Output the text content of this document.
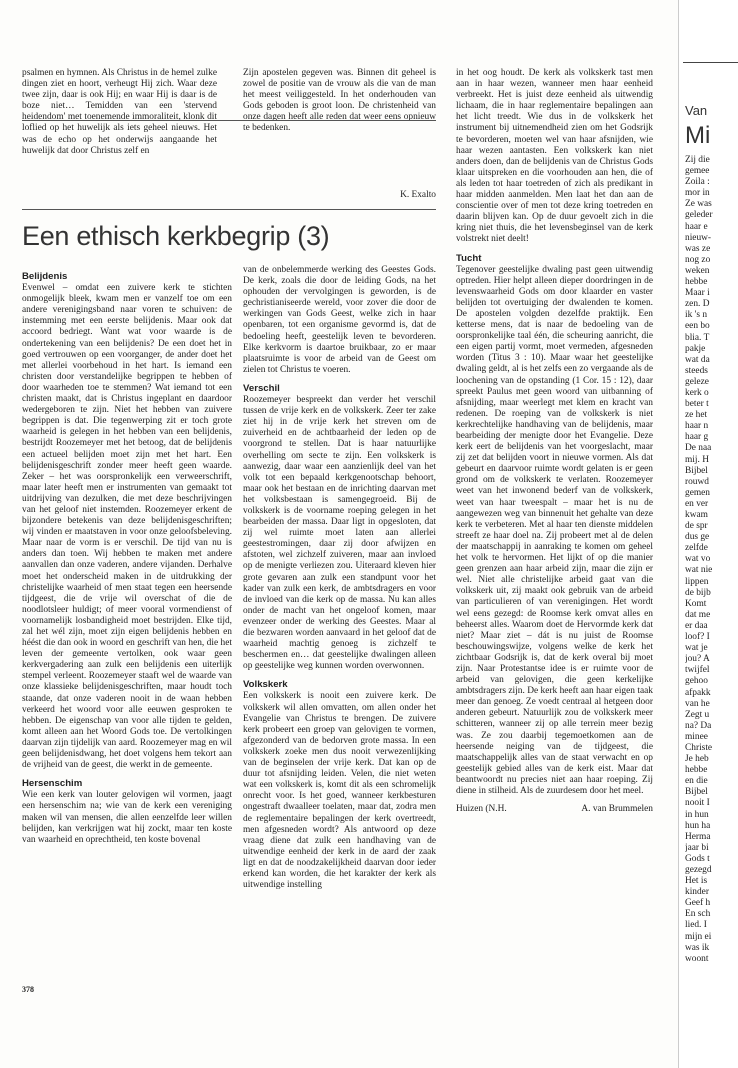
psalmen en hymnen. Als Christus in de hemel zulke dingen ziet en hoort, verheugt Hij zich. Waar deze twee zijn, daar is ook Hij; en waar Hij is daar is de boze niet… Temidden van een 'stervend heidendom' met toenemende immoraliteit, klonk dit loflied op het huwelijk als iets geheel nieuws. Het was de echo op het onderwijs aangaande het huwelijk dat door Christus zelf en

Zijn apostelen gegeven was. Binnen dit geheel is zowel de positie van de vrouw als die van de man het meest veiliggesteld. In het onderhouden van Gods geboden is groot loon. De christenheid van onze dagen heeft alle reden dat weer eens opnieuw te bedenken.

K. Exalto
Een ethisch kerkbegrip (3)
Belijdenis

Evenwel – omdat een zuivere kerk te stichten onmogelijk bleek, kwam men er vanzelf toe om een andere verenigingsband naar voren te schuiven: de instemming met een eerste belijdenis. Maar ook dat accoord bedriegt. Want wat voor waarde is de ondertekening van een belijdenis? De een doet het in goed vertrouwen op een voorganger, de ander doet het met allerlei voorbehoud in het hart. Is iemand een christen door verstandelijke begrippen te hebben of door waarheden toe te stemmen? Wat iemand tot een christen maakt, dat is Christus ingeplant en daardoor wedergeboren te zijn. Niet het hebben van zuivere begrippen is dat. Die tegenwerping zit er toch grote waarheid is gelegen in het hebben van een belijdenis, bestrijdt Roozemeyer met het betoog, dat de belijdenis een actueel belijden moet zijn met het hart. Een belijdenisgeschrift zonder meer heeft geen waarde. Zeker – het was oorspronkelijk een verweerschrift, maar later heeft men er instrumenten van gemaakt tot uitdrijving van dezulken, die met deze beschrijvingen van het geloof niet instemden. Roozemeyer erkent de bijzondere betekenis van deze belijdenisgeschriften; wij vinden er maatstaven in voor onze geloofsbeleving. Maar naar de vorm is er verschil. De tijd van nu is anders dan toen. Wij hebben te maken met andere aanvallen dan onze vaderen, andere vijanden. Derhalve moet het onderscheid maken in de uitdrukking der christelijke waarheid of men staat tegen een heersende tijdgeest, die de vrije wil overschat of die de noodlotsleer huldigt; of meer vooral vormendienst of voornamelijk losbandigheid moet bestrijden. Elke tijd, zal het wél zijn, moet zijn eigen belijdenis hebben en héést die dan ook in woord en geschrift van hen, die het leven der gemeente vertolken, ook waar geen kerkvergadering aan zulk een belijdenis een uiterlijk stempel verleent. Roozemeyer staaft wel de waarde van onze klassieke belijdenisgeschriften, maar houdt toch staande, dat onze vaderen nooit in de waan hebben verkeerd het woord voor alle eeuwen gesproken te hebben. De eigenschap van voor alle tijden te gelden, komt alleen aan het Woord Gods toe. De vertolkingen daarvan zijn tijdelijk van aard. Roozemeyer mag en wil geen belijdenisdwang, het doet volgens hem tekort aan de vrijheid van de geest, die werkt in de gemeente.

Hersenschim

Wie een kerk van louter gelovigen wil vormen, jaagt een hersenschim na; wie van de kerk een vereniging maken wil van mensen, die allen eenzelfde leer willen belijden, kan verkrijgen wat hij zockt, maar ten koste van waarheid en oprechtheid, ten koste bovenal

van de onbelemmerde werking des Geestes Gods. De kerk, zoals die door de leiding Gods, na het ophouden der vervolgingen is geworden, is de gechristianiseerde wereld, voor zover die door de werkingen van Gods Geest, welke zich in haar openbaren, tot een organisme gevormd is, dat de bedoeling heeft, geestelijk leven te bevorderen. Elke kerkvorm is daartoe bruikbaar, zo er maar plaatsruimte is voor de arbeid van de Geest om zielen tot Christus te voeren.

Verschil

Roozemeyer bespreekt dan verder het verschil tussen de vrije kerk en de volkskerk. Zeer ter zake ziet hij in de vrije kerk het streven om de zuiverheid en de achtbaarheid der leden op de voorgrond te stellen. Dat is haar natuurlijke overhelling om secte te zijn. Een volkskerk is aanwezig, daar waar een aanzienlijk deel van het volk tot een bepaald kerkgenootschap behoort, maar ook het bestaan en de inrichting daarvan met het volksbestaan is samengegroeid. Bij de volkskerk is de voorname roeping gelegen in het bearbeiden der massa. Daar ligt in opgesloten, dat zij wel ruimte moet laten aan allerlei geestestromingen, daar zij door afwijzen en afstoten, wel zichzelf zuiveren, maar aan invloed op de menigte verliezen zou. Uiteraard kleven hier grote gevaren aan zulk een standpunt voor het kader van zulk een kerk, de ambtsdragers en voor de invloed van die kerk op de massa. Nu kan alles onder de macht van het ongeloof komen, maar evenzeer onder de werking des Geestes. Maar al die bezwaren worden aanvaard in het geloof dat de waarheid machtig genoeg is zichzelf te beschermen en… dat geestelijke dwalingen alleen op geestelijke weg kunnen worden overwonnen.

Volkskerk

Een volkskerk is nooit een zuivere kerk. De volkskerk wil allen omvatten, om allen onder het Evangelie van Christus te brengen. De zuivere kerk probeert een groep van gelovigen te vormen, afgezonderd van de bedorven grote massa. In een volkskerk zoeke men dus nooit verwezenlijking van de beginselen der vrije kerk. Dat kan op de duur tot afsnijding leiden. Velen, die niet weten wat een volkskerk is, komt dit als een schromelijk onrecht voor. Is het goed, wanneer kerkbesturen ongestraft dwaalleer toelaten, maar dat, zodra men de reglementaire bepalingen der kerk overtreedt, men afgesneden wordt? Als antwoord op deze vraag diene dat zulk een handhaving van de uitwendige eenheid der kerk in de aard der zaak ligt en dat de noodzakelijkheid daarvan door ieder erkend kan worden, die het karakter der kerk als uitwendige instelling

in het oog houdt. De kerk als volkskerk tast men aan in haar wezen, wanneer men haar eenheid verbreekt. Het is juist deze eenheid als uitwendig lichaam, die in haar reglementaire bepalingen aan het licht treedt. Wie dus in de volkskerk het instrument bij uitnemendheid zien om het Godsrijk te bevorderen, moeten wel van haar afsnijden, wie haar wezen aantasten. Een volkskerk kan niet anders doen, dan de belijdenis van de Christus Gods klaar uitspreken en die voorhouden aan hen, die of als leden tot haar toetreden of zich als predikant in haar midden aanmelden. Men laat het dan aan de conscientie over of men tot deze kring toetreden en daarin blijven kan. Op de duur gevoelt zich in die kring niet thuis, die het levensbeginsel van de kerk volstrekt niet deelt!

Tucht

Tegenover geestelijke dwaling past geen uitwendig optreden. Hier helpt alleen dieper doordringen in de levenswaarheid Gods om door klaarder en vaster belijden tot overtuiging der dwalenden te komen. De apostelen volgden dezelfde praktijk. Een ketterse mens, dat is naar de bedoeling van de oorspronkelijke taal één, die scheuring aanricht, die een eigen partij vormt, moet vermeden, afgesneden worden (Titus 3 : 10). Maar waar het geestelijke dwaling geldt, al is het zelfs een zo vergaande als de loochening van de opstanding (1 Cor. 15 : 12), daar spreekt Paulus met geen woord van uitbanning of afsnijding, maar weerlegt met klem en kracht van redenen. De roeping van de volkskerk is niet kerkrechtelijke handhaving van de belijdenis, maar bearbeiding der menigte door het Evangelie. Deze kerk eert de belijdenis van het voorgeslacht, maar zij zet dat belijden voort in nieuwe vormen. Als dat gebeurt en daarvoor ruimte wordt gelaten is er geen grond om de volkskerk te verlaten. Roozemeyer weet van het inwonend bederf van de volkskerk, weet van haar tweespalt – maar het is nu de aangewezen weg van binnenuit het gehalte van deze kerk te verbeteren. Met al haar ten dienste middelen streeft ze haar doel na. Zij probeert met al de delen der maatschappij in aanraking te komen om geheel het volk te hervormen. Het lijkt of op die manier geen grenzen aan haar arbeid zijn, maar die zijn er wel. Niet alle christelijke arbeid gaat van die volkskerk uit, zij maakt ook gebruik van de arbeid van particulieren of van verenigingen. Het wordt wel eens gezegd: de Roomse kerk omvat alles en beheerst alles. Waarom doet de Hervormde kerk dat niet? Maar ziet – dát is nu juist de Roomse beschouwingswijze, volgens welke de kerk het zichtbaar Godsrijk is, dat de kerk overal bij moet zijn. Naar Protestantse idee is er ruimte voor de arbeid van gelovigen, die geen kerkelijke ambtsdragers zijn. De kerk heeft aan haar eigen taak meer dan genoeg. Ze voedt centraal al hetgeen door anderen gebeurt. Natuurlijk zou de volkskerk meer schitteren, wanneer zij op alle terrein meer bezig was. Ze zou daarbij tegemoetkomen aan de heersende neiging van de tijdgeest, die maatschappelijk alles van de staat verwacht en op geestelijk gebied alles van de kerk eist. Maar dat beantwoordt nu precies niet aan haar roeping. Zij diene in stilheid. Als de zuurdesem door het meel.

Huizen (N.H.	A. van Brummelen
378
Van
Mi
Zij die
gemee
Zoila :
mor in
Ze was
geleder
haar e
nieuw-
was ze
nog zo
weken
hebbe
Maar i
zen. D
ik 's n
een bo
blia. T
pakje
wat da
steeds
geleze
kerk o
beter t
ze het
haar n
haar g
De naa
mij. H
Bijbel
rouwd
gemen
en ver
kwam
de spr
dus ge
zelfde
wat vo
wat nie
lippen
de bijb
Komt
dat me
er daa
loof? I
wat je
jou? A
twijfel
gehoo
afpakk
van he
Zegt u
na? Da
minee
Christe
Je heb
hebbe
en die
Bijbel
nooit I
in hun
hun ha
Herma
jaar bi
Gods t
gezegd
Het is
kinder
Geef h
En sch
lied. I
mijn ei
was ik
woont
